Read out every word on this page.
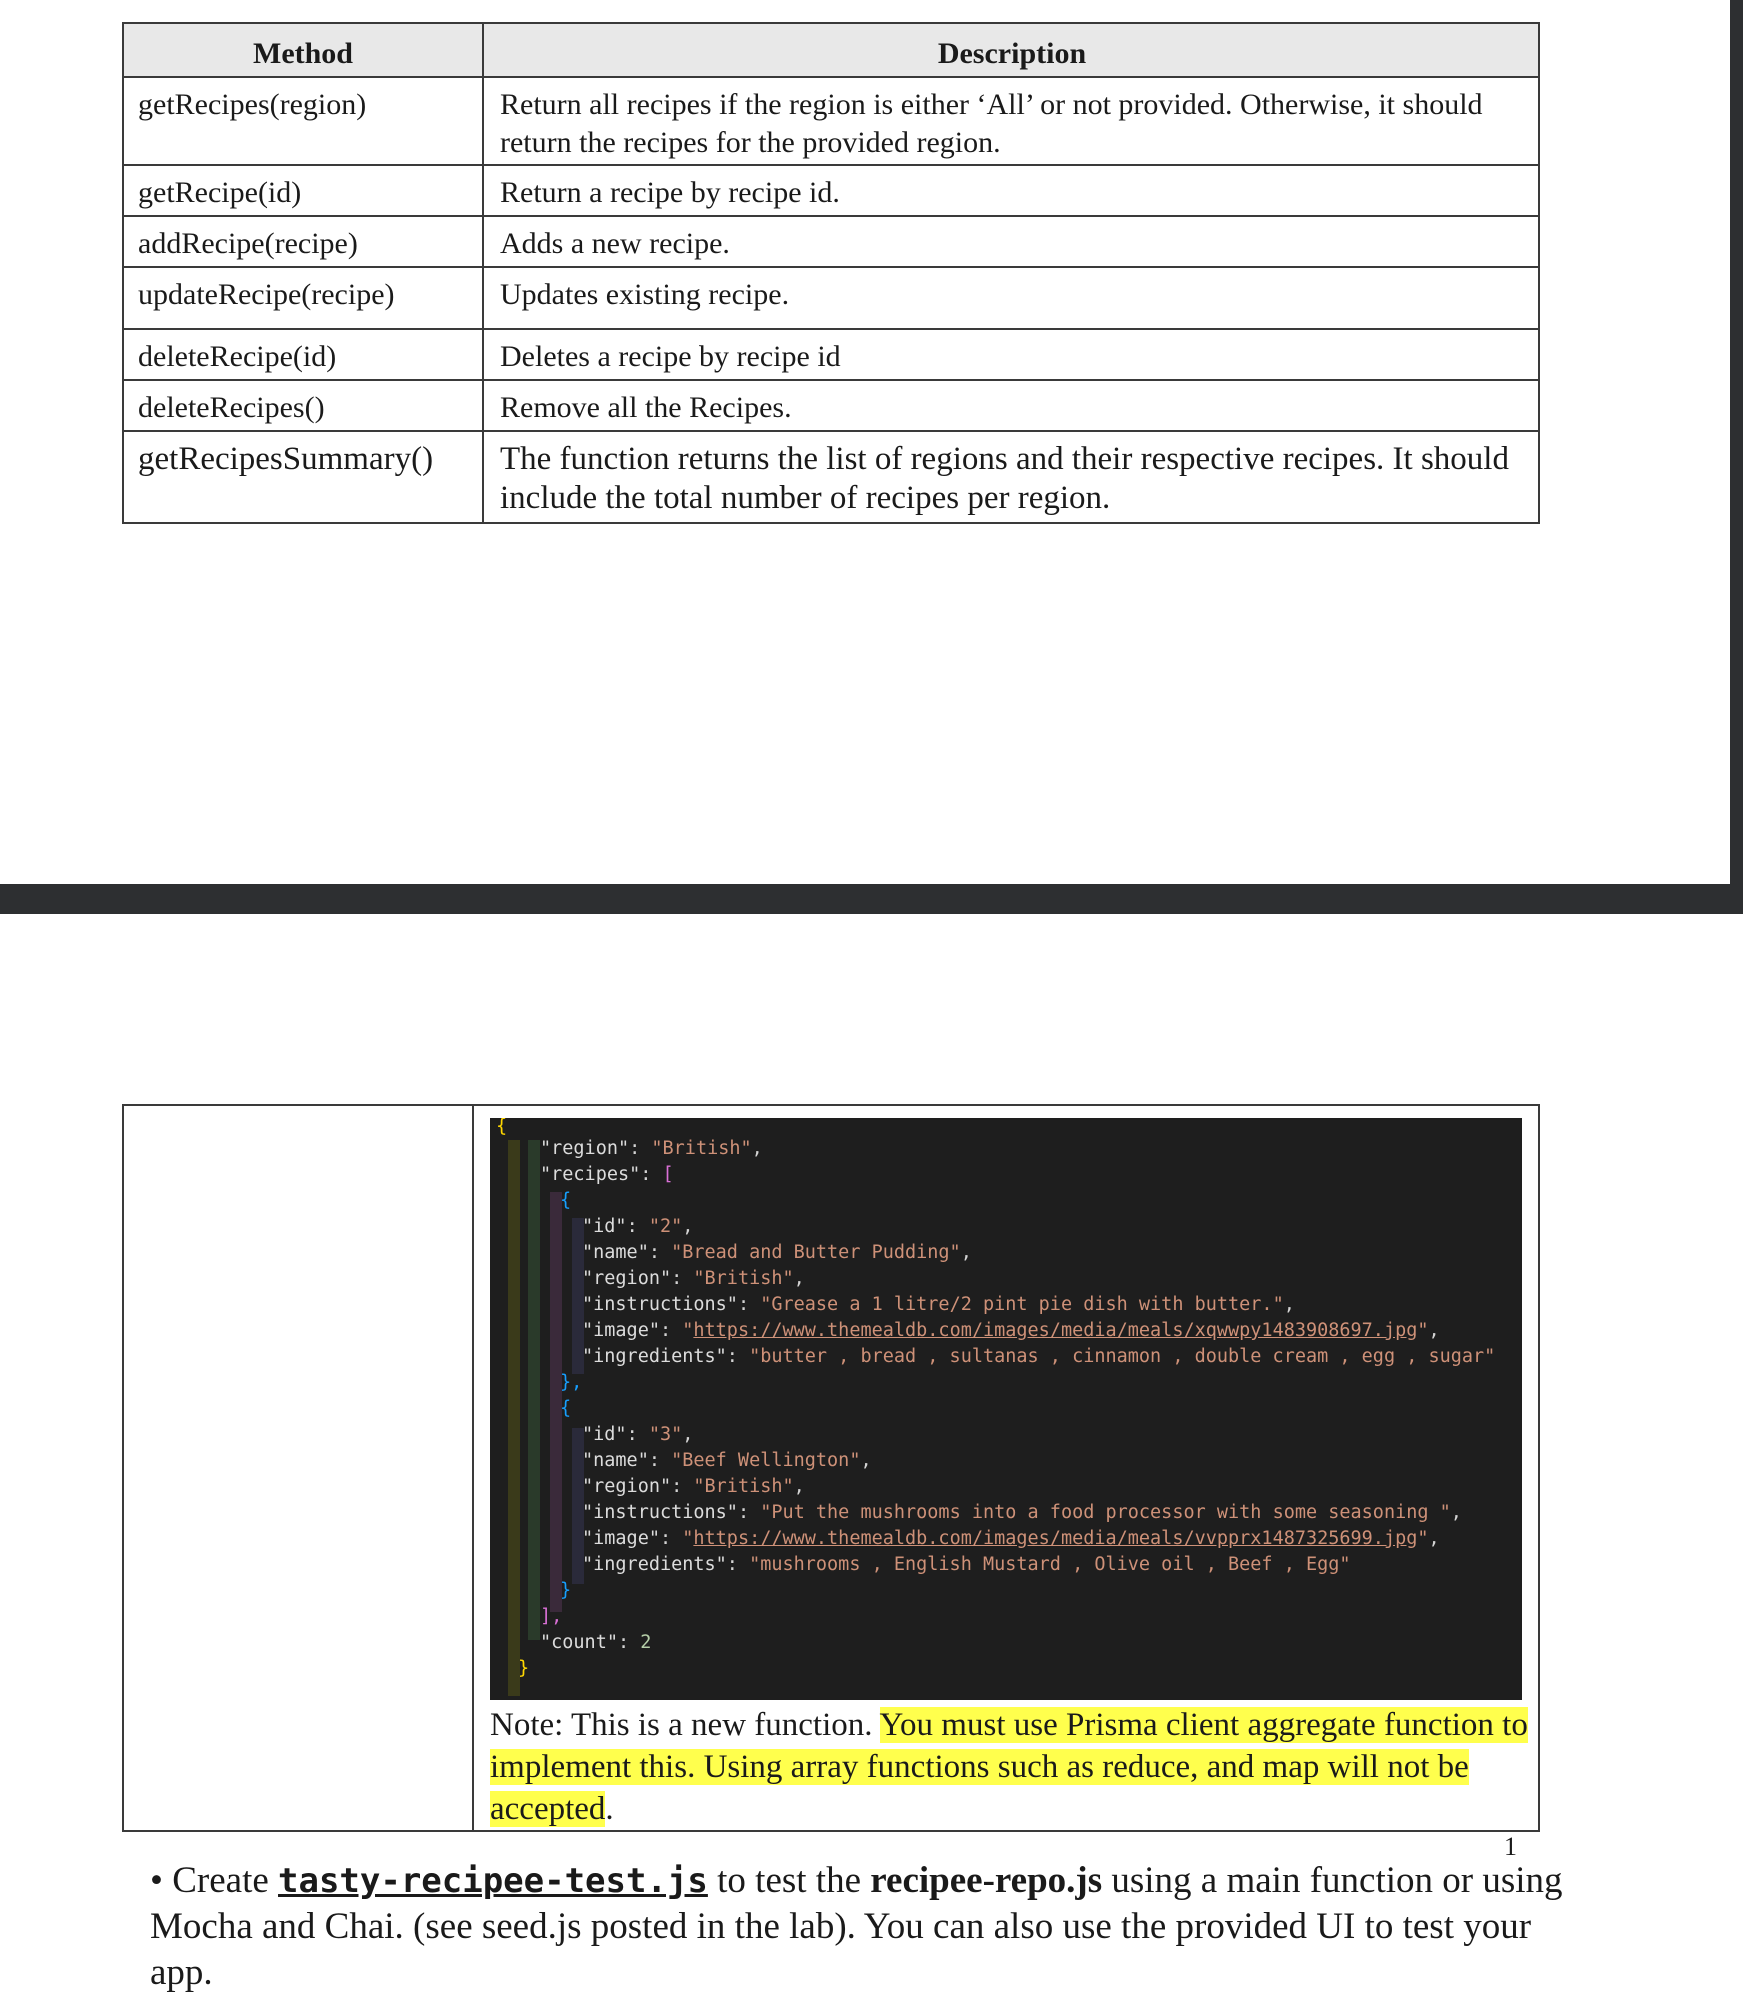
Method	Description
getRecipes(region)	Return all recipes if the region is either ‘All’ or not provided. Otherwise, it should return the recipes for the provided region.
getRecipe(id)	Return a recipe by recipe id.
addRecipe(recipe)	Adds a new recipe.
updateRecipe(recipe)	Updates existing recipe.
deleteRecipe(id)	Deletes a recipe by recipe id
deleteRecipes()	Remove all the Recipes.
getRecipesSummary()	The function returns the list of regions and their respective recipes. It should include the total number of recipes per region.

{
"region": "British",
"recipes": [
{
"id": "2",
"name": "Bread and Butter Pudding",
"region": "British",
"instructions": "Grease a 1 litre/2 pint pie dish with butter.",
"image": "https://www.themealdb.com/images/media/meals/xqwwpy1483908697.jpg",
"ingredients": "butter , bread , sultanas , cinnamon , double cream , egg , sugar"
},
{
"id": "3",
"name": "Beef Wellington",
"region": "British",
"instructions": "Put the mushrooms into a food processor with some seasoning ",
"image": "https://www.themealdb.com/images/media/meals/vvpprx1487325699.jpg",
"ingredients": "mushrooms , English Mustard , Olive oil , Beef , Egg"
}
],
"count": 2
}
Note: This is a new function. You must use Prisma client aggregate function to implement this. Using array functions such as reduce, and map will not be accepted.
1
• Create tasty-recipee-test.js to test the recipee-repo.js using a main function or using Mocha and Chai. (see seed.js posted in the lab). You can also use the provided UI to test your app.
